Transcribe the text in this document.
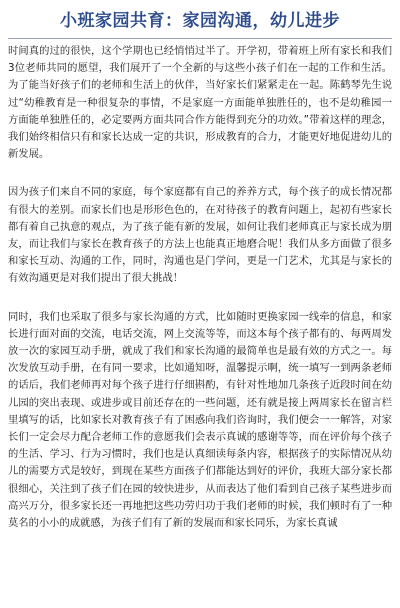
小班家园共育：家园沟通，幼儿进步

时间真的过的很快，这个学期也已经悄悄过半了。开学初，带着班上所有家长和我们3位老师共同的愿望，我们展开了一个全新的与这些小孩子们在一起的工作和生活。为了能当好孩子们的老师和生活上的伙伴，当好家长们紧紧走在一起。陈鹤琴先生说过“幼稚教育是一种很复杂的事情，不是家庭一方面能单独胜任的，也不是幼稚园一方面能单独胜任的，必定要两方面共同合作方能得到充分的功效。”带着这样的理念，我们始终相信只有和家长达成一定的共识，形成教育的合力，才能更好地促进幼儿的新发展。

因为孩子们来自不同的家庭，每个家庭都有自己的养养方式，每个孩子的成长情况都有很大的差别。而家长们也是形形色色的，在对待孩子的教育问题上，起初有些家长都有着自己执意的观点，为了孩子能有新的发展，如何让我们老师真正与家长成为朋友，而让我们与家长在教育孩子的方法上也能真正地磨合呢！我们从多方面做了很多和家长互动、沟通的工作，同时，沟通也是门学问，更是一门艺术，尤其是与家长的有效沟通更是对我们提出了很大挑战！

同时，我们也采取了很多与家长沟通的方式，比如随时更换家园一线牵的信息，和家长进行面对面的交流，电话交流，网上交流等等，而这本每个孩子都有的、每两周发放一次的家园互动手册，就成了我们和家长沟通的最简单也是最有效的方式之一。每次发放互动手册，在有同一要求，比如通知呀，温馨提示啊，统一填写一到两条老师的话后，我们老师再对每个孩子进行仔细斟酌，有针对性地加几条孩子近段时间在幼儿园的突出表现、或进步或目前还存在的一些问题，还有就是接上两周家长在留言栏里填写的话，比如家长对教育孩子有了困惑向我们咨询时，我们便会一一解答，对家长们一定会尽力配合老师工作的意愿我们会表示真诚的感谢等等，而在评价每个孩子的生活、学习、行为习惯时，我们也是认真细读每条内容，根据孩子的实际情况从幼儿的需要方式是较好，到现在某些方面孩子们都能达到好的评价，我班大部分家长都很细心，关注到了孩子们在园的较快进步，从而表达了他们看到自己孩子某些进步而高兴万分，很多家长还一再地把这些功劳归功于我们老师的时候，我们顿时有了一种莫名的小小的成就感，为孩子们有了新的发展而和家长同乐，为家长真诚
